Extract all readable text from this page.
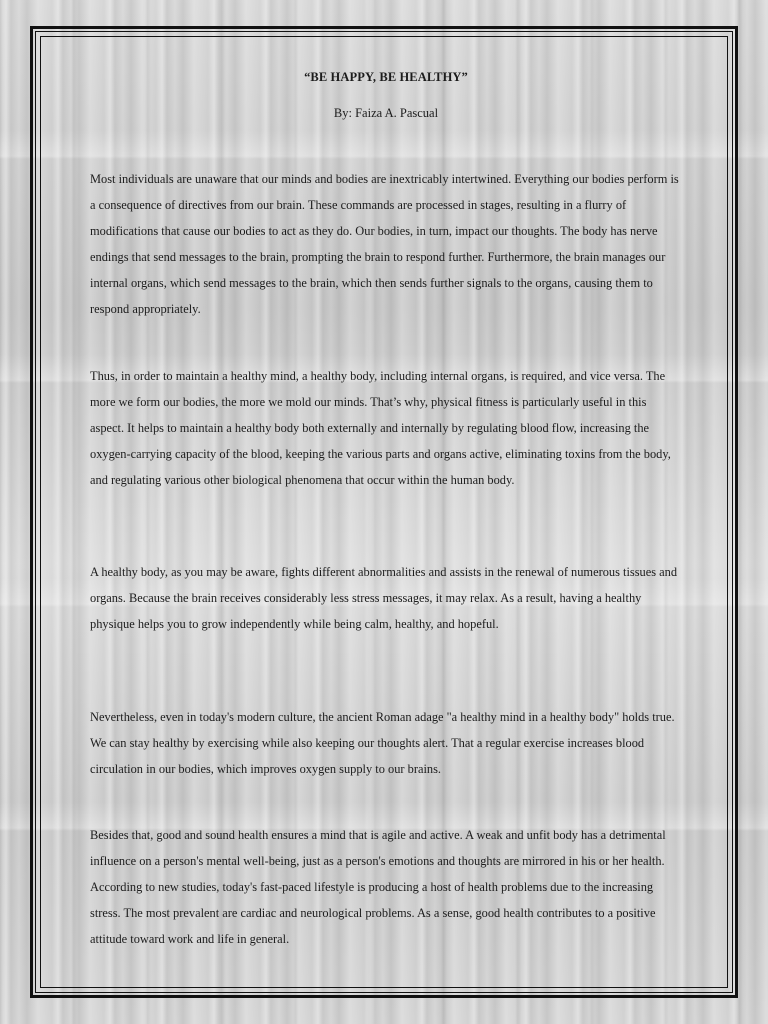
“BE HAPPY, BE HEALTHY”
By: Faiza A. Pascual

Most individuals are unaware that our minds and bodies are inextricably intertwined. Everything our bodies perform is a consequence of directives from our brain. These commands are processed in stages, resulting in a flurry of modifications that cause our bodies to act as they do. Our bodies, in turn, impact our thoughts. The body has nerve endings that send messages to the brain, prompting the brain to respond further. Furthermore, the brain manages our internal organs, which send messages to the brain, which then sends further signals to the organs, causing them to respond appropriately.

Thus, in order to maintain a healthy mind, a healthy body, including internal organs, is required, and vice versa. The more we form our bodies, the more we mold our minds. That’s why, physical fitness is particularly useful in this aspect. It helps to maintain a healthy body both externally and internally by regulating blood flow, increasing the oxygen-carrying capacity of the blood, keeping the various parts and organs active, eliminating toxins from the body, and regulating various other biological phenomena that occur within the human body.

A healthy body, as you may be aware, fights different abnormalities and assists in the renewal of numerous tissues and organs. Because the brain receives considerably less stress messages, it may relax. As a result, having a healthy physique helps you to grow independently while being calm, healthy, and hopeful.

Nevertheless, even in today's modern culture, the ancient Roman adage "a healthy mind in a healthy body" holds true. We can stay healthy by exercising while also keeping our thoughts alert. That a regular exercise increases blood circulation in our bodies, which improves oxygen supply to our brains.

Besides that, good and sound health ensures a mind that is agile and active. A weak and unfit body has a detrimental influence on a person's mental well-being, just as a person's emotions and thoughts are mirrored in his or her health. According to new studies, today's fast-paced lifestyle is producing a host of health problems due to the increasing stress. The most prevalent are cardiac and neurological problems. As a sense, good health contributes to a positive attitude toward work and life in general.
